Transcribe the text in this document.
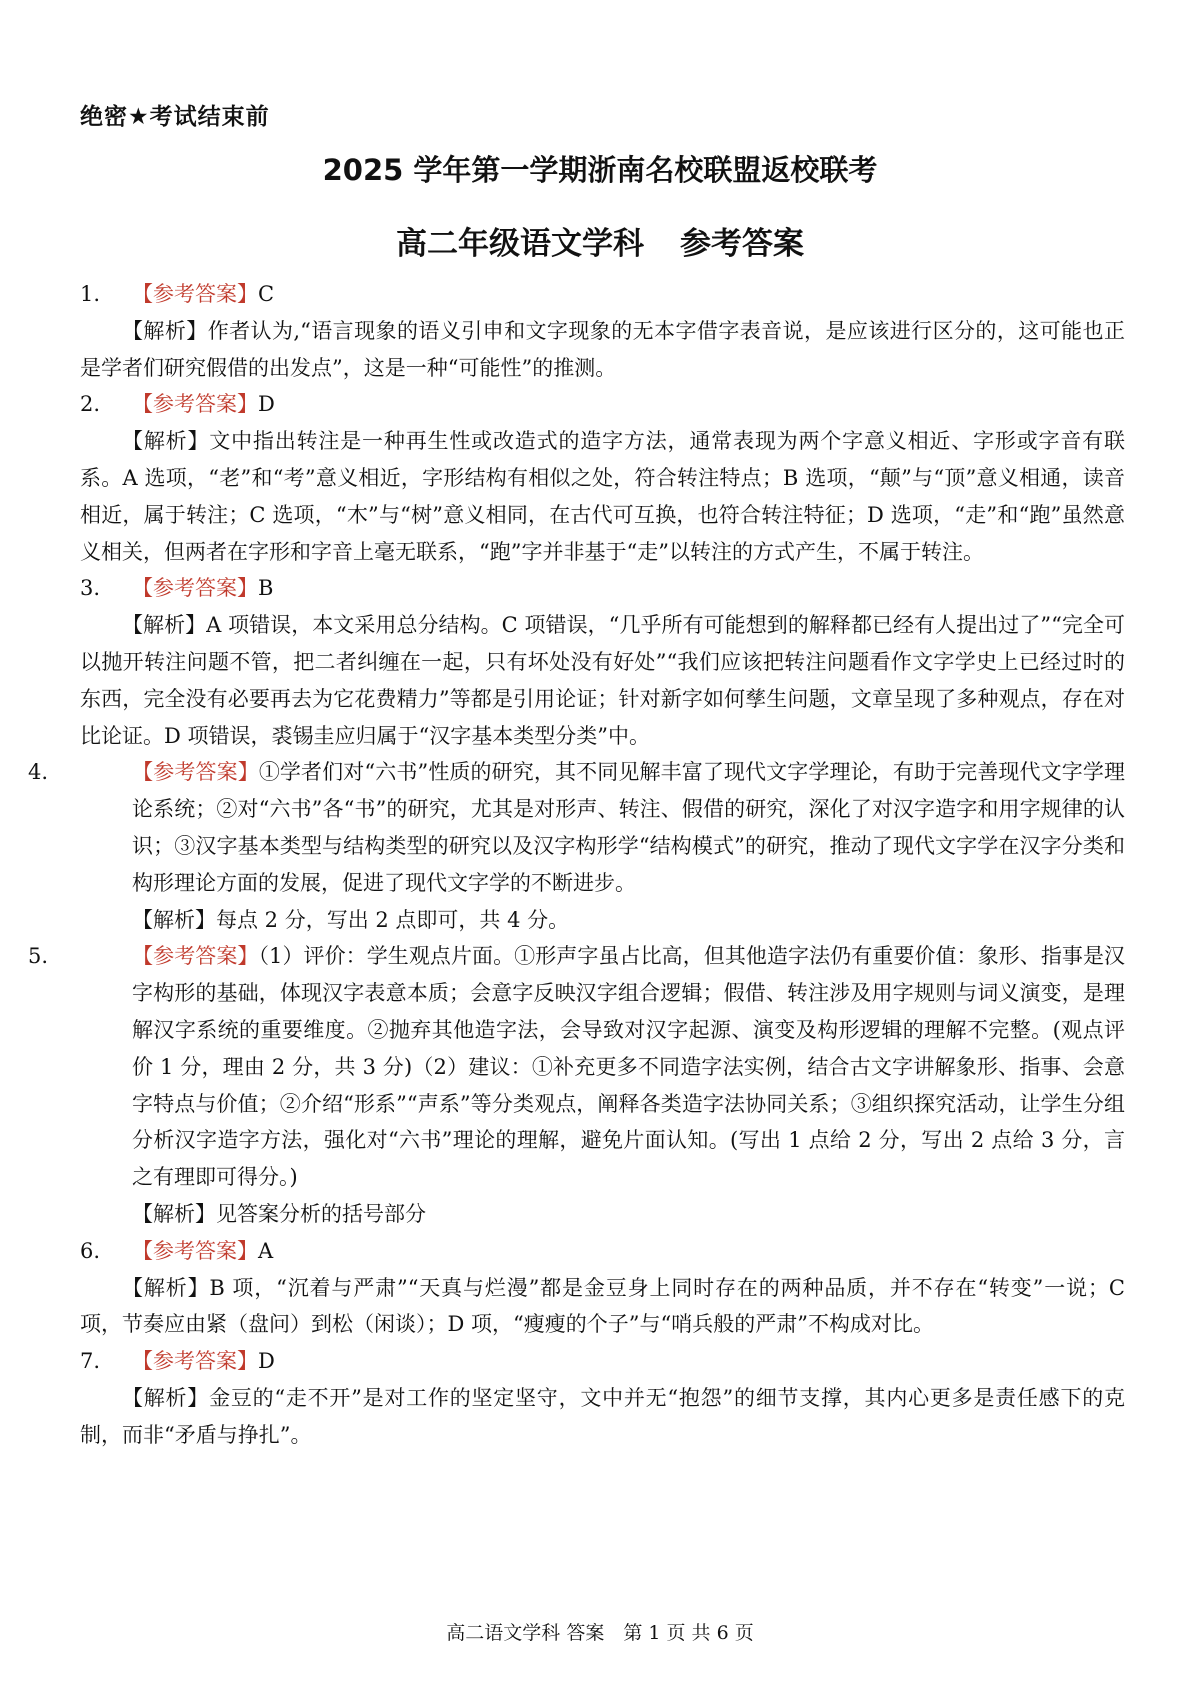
绝密★考试结束前
2025 学年第一学期浙南名校联盟返校联考
高二年级语文学科 参考答案
1. 【参考答案】C

【解析】作者认为,“语言现象的语义引申和文字现象的无本字借字表音说，是应该进行区分的，这可能也正是学者们研究假借的出发点”，这是一种“可能性”的推测。

2. 【参考答案】D

【解析】文中指出转注是一种再生性或改造式的造字方法，通常表现为两个字意义相近、字形或字音有联系。A 选项，“老”和“考”意义相近，字形结构有相似之处，符合转注特点；B 选项，“颠”与“顶”意义相通，读音相近，属于转注；C 选项，“木”与“树”意义相同，在古代可互换，也符合转注特征；D 选项，“走”和“跑”虽然意义相关，但两者在字形和字音上毫无联系，“跑”字并非基于“走”以转注的方式产生，不属于转注。

3. 【参考答案】B

【解析】A 项错误，本文采用总分结构。C 项错误，“几乎所有可能想到的解释都已经有人提出过了”“完全可以抛开转注问题不管，把二者纠缠在一起，只有坏处没有好处”“我们应该把转注问题看作文字学史上已经过时的东西，完全没有必要再去为它花费精力”等都是引用论证；针对新字如何孳生问题，文章呈现了多种观点，存在对比论证。D 项错误，裘锡圭应归属于“汉字基本类型分类”中。

4.	【参考答案】①学者们对“六书”性质的研究，其不同见解丰富了现代文字学理论，有助于完善现代文字学理论系统；②对“六书”各“书”的研究，尤其是对形声、转注、假借的研究，深化了对汉字造字和用字规律的认识；③汉字基本类型与结构类型的研究以及汉字构形学“结构模式”的研究，推动了现代文字学在汉字分类和构形理论方面的发展，促进了现代文字学的不断进步。

【解析】每点 2 分，写出 2 点即可，共 4 分。

5.	【参考答案】（1）评价：学生观点片面。①形声字虽占比高，但其他造字法仍有重要价值：象形、指事是汉字构形的基础，体现汉字表意本质；会意字反映汉字组合逻辑；假借、转注涉及用字规则与词义演变，是理解汉字系统的重要维度。②抛弃其他造字法，会导致对汉字起源、演变及构形逻辑的理解不完整。(观点评价 1 分，理由 2 分，共 3 分)（2）建议：①补充更多不同造字法实例，结合古文字讲解象形、指事、会意字特点与价值；②介绍“形系”“声系”等分类观点，阐释各类造字法协同关系；③组织探究活动，让学生分组分析汉字造字方法，强化对“六书”理论的理解，避免片面认知。(写出 1 点给 2 分，写出 2 点给 3 分，言之有理即可得分。)

【解析】见答案分析的括号部分

6. 【参考答案】A

【解析】B 项，“沉着与严肃”“天真与烂漫”都是金豆身上同时存在的两种品质，并不存在“转变”一说；C 项，节奏应由紧（盘问）到松（闲谈）；D 项，“瘦瘦的个子”与“哨兵般的严肃”不构成对比。

7. 【参考答案】D

【解析】金豆的“走不开”是对工作的坚定坚守，文中并无“抱怨”的细节支撑，其内心更多是责任感下的克制，而非“矛盾与挣扎”。

高二语文学科 答案　第 1 页 共 6 页
